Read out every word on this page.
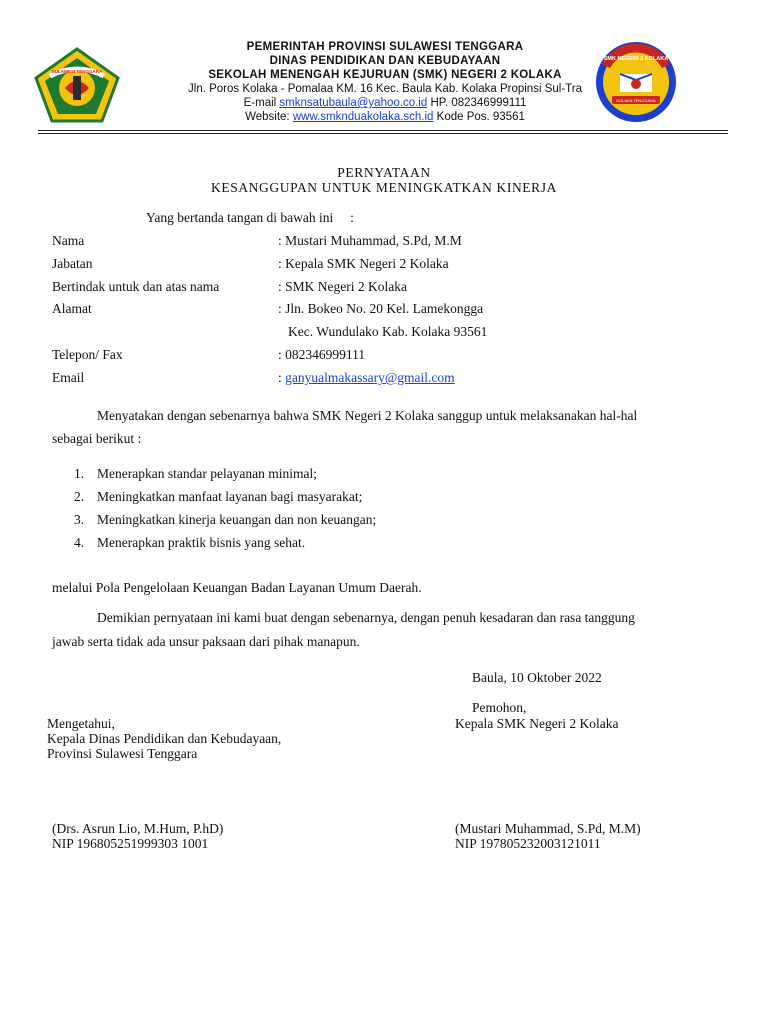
SULAWESI TENGGARA
PEMERINTAH PROVINSI SULAWESI TENGGARA
DINAS PENDIDIKAN DAN KEBUDAYAAN
SEKOLAH MENENGAH KEJURUAN (SMK) NEGERI 2 KOLAKA
Jln. Poros Kolaka - Pomalaa KM. 16 Kec. Baula Kab. Kolaka Propinsi Sul-Tra
E-mail smknsatubaula@yahoo.co.id HP. 082346999111
Website: www.smknduakolaka.sch.id Kode Pos. 93561
SMK NEGERI 2 KOLAKA
KOLAKA TENGGARA
PERNYATAAN
KESANGGUPAN UNTUK MENINGKATKAN KINERJA
Yang bertanda tangan di bawah ini     :
Nama	: Mustari Muhammad, S.Pd, M.M
Jabatan	: Kepala SMK Negeri 2 Kolaka
Bertindak untuk dan atas nama	: SMK Negeri 2 Kolaka
Alamat	: Jln. Bokeo No. 20 Kel. Lamekongga
Kec. Wundulako Kab. Kolaka 93561
Telepon/ Fax	: 082346999111
Email	: ganyualmakassary@gmail.com
Menyatakan dengan sebenarnya bahwa SMK Negeri 2 Kolaka sanggup untuk melaksanakan hal-hal
sebagai berikut :
1. Menerapkan standar pelayanan minimal;
2. Meningkatkan manfaat layanan bagi masyarakat;
3. Meningkatkan kinerja keuangan dan non keuangan;
4. Menerapkan praktik bisnis yang sehat.
melalui Pola Pengelolaan Keuangan Badan Layanan Umum Daerah.
Demikian pernyataan ini kami buat dengan sebenarnya, dengan penuh kesadaran dan rasa tanggung
jawab serta tidak ada unsur paksaan dari pihak manapun.
Baula, 10 Oktober 2022
Pemohon,
Kepala SMK Negeri 2 Kolaka
Mengetahui,
Kepala Dinas Pendidikan dan Kebudayaan,
Provinsi Sulawesi Tenggara
(Drs. Asrun Lio, M.Hum, P.hD)
NIP 196805251999303 1001
(Mustari Muhammad, S.Pd, M.M)
NIP 197805232003121011
